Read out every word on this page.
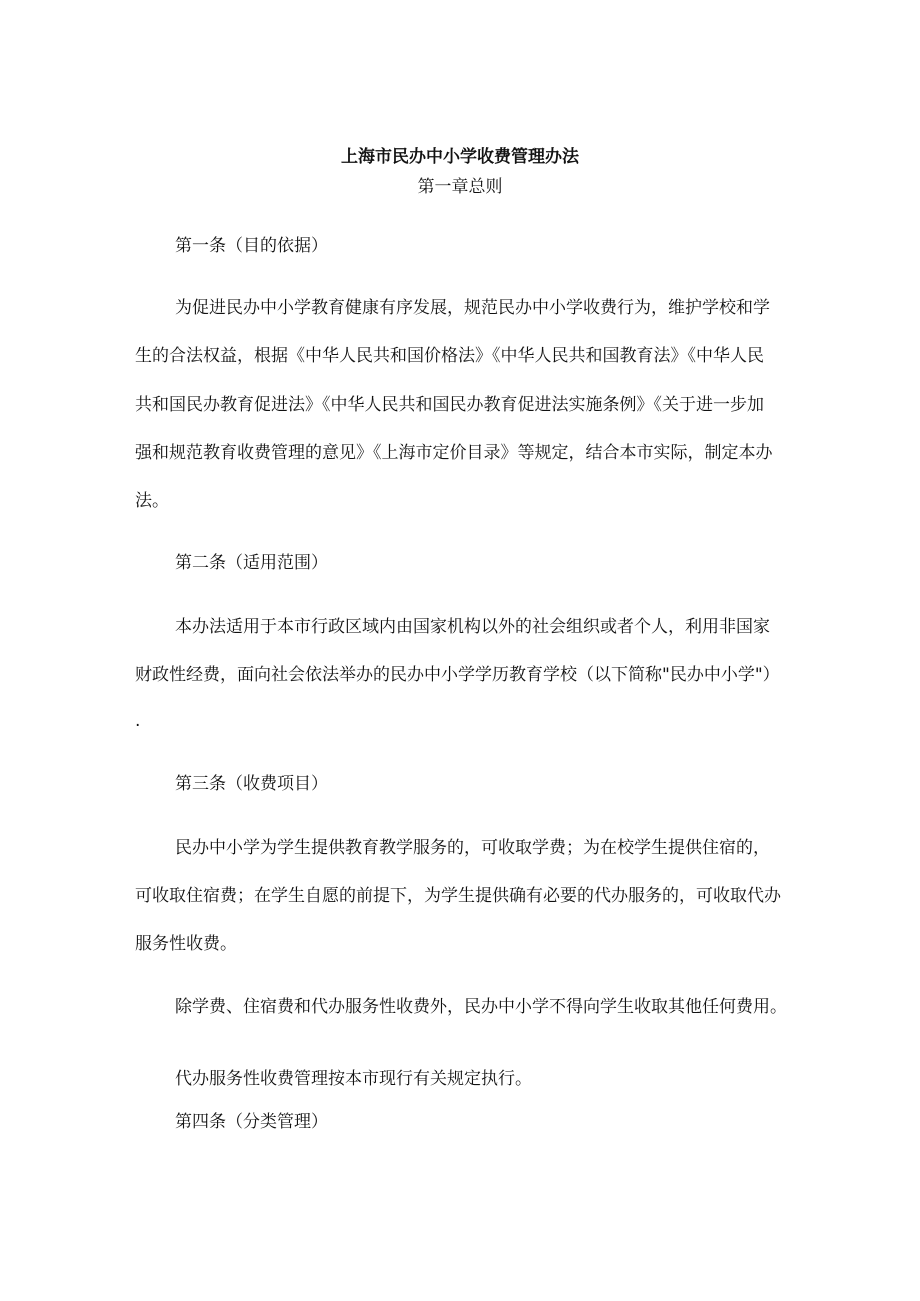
上海市民办中小学收费管理办法
第一章总则
第一条（目的依据）
为促进民办中小学教育健康有序发展，规范民办中小学收费行为，维护学校和学
生的合法权益，根据《中华人民共和国价格法》《中华人民共和国教育法》《中华人民
共和国民办教育促进法》《中华人民共和国民办教育促进法实施条例》《关于进一步加
强和规范教育收费管理的意见》《上海市定价目录》等规定，结合本市实际，制定本办
法。
第二条（适用范围）
本办法适用于本市行政区域内由国家机构以外的社会组织或者个人，利用非国家
财政性经费，面向社会依法举办的民办中小学学历教育学校（以下简称"民办中小学"）
.
第三条（收费项目）
民办中小学为学生提供教育教学服务的，可收取学费；为在校学生提供住宿的，
可收取住宿费；在学生自愿的前提下，为学生提供确有必要的代办服务的，可收取代办
服务性收费。
除学费、住宿费和代办服务性收费外，民办中小学不得向学生收取其他任何费用。
代办服务性收费管理按本市现行有关规定执行。
第四条（分类管理）
